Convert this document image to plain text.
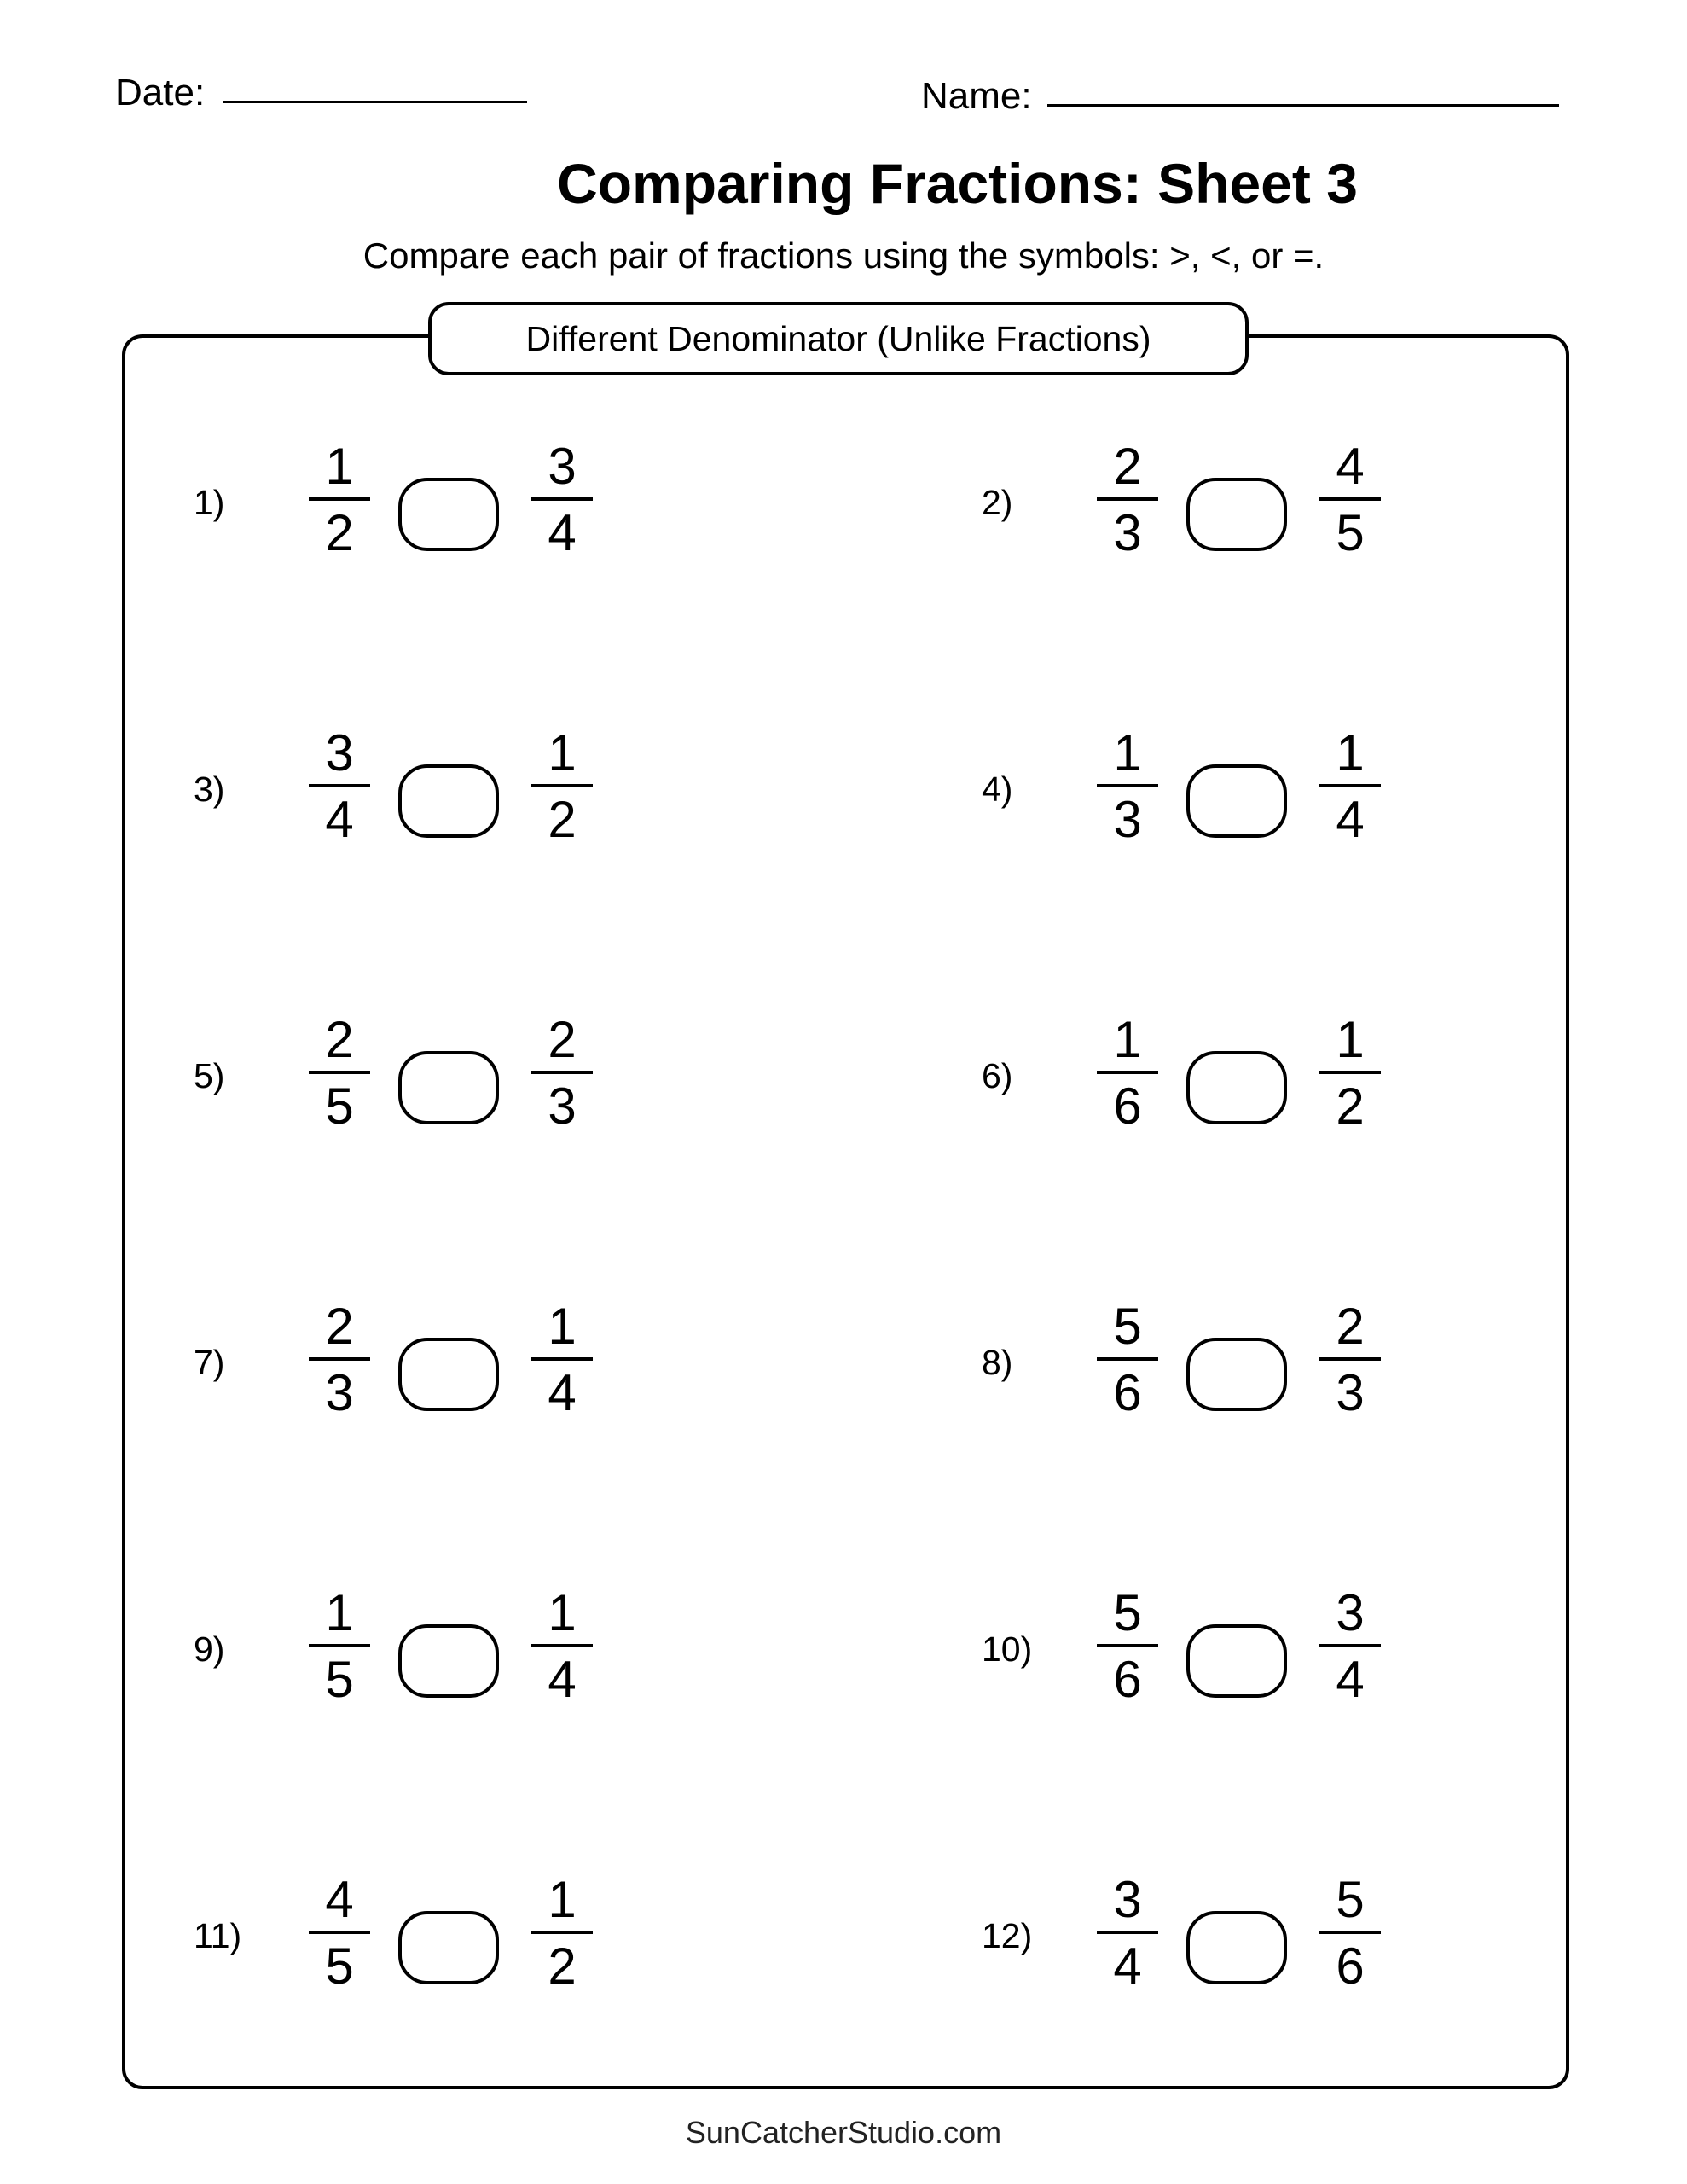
Date:	Name:
Comparing Fractions: Sheet 3
Compare each pair of fractions using the symbols: >, <, or =.
Different Denominator (Unlike Fractions)
1)
1
2
3
4
2)
2
3
4
5
3)
3
4
1
2
4)
1
3
1
4
5)
2
5
2
3
6)
1
6
1
2
7)
2
3
1
4
8)
5
6
2
3
9)
1
5
1
4
10)
5
6
3
4
11)
4
5
1
2
12)
3
4
5
6
SunCatcherStudio.com
